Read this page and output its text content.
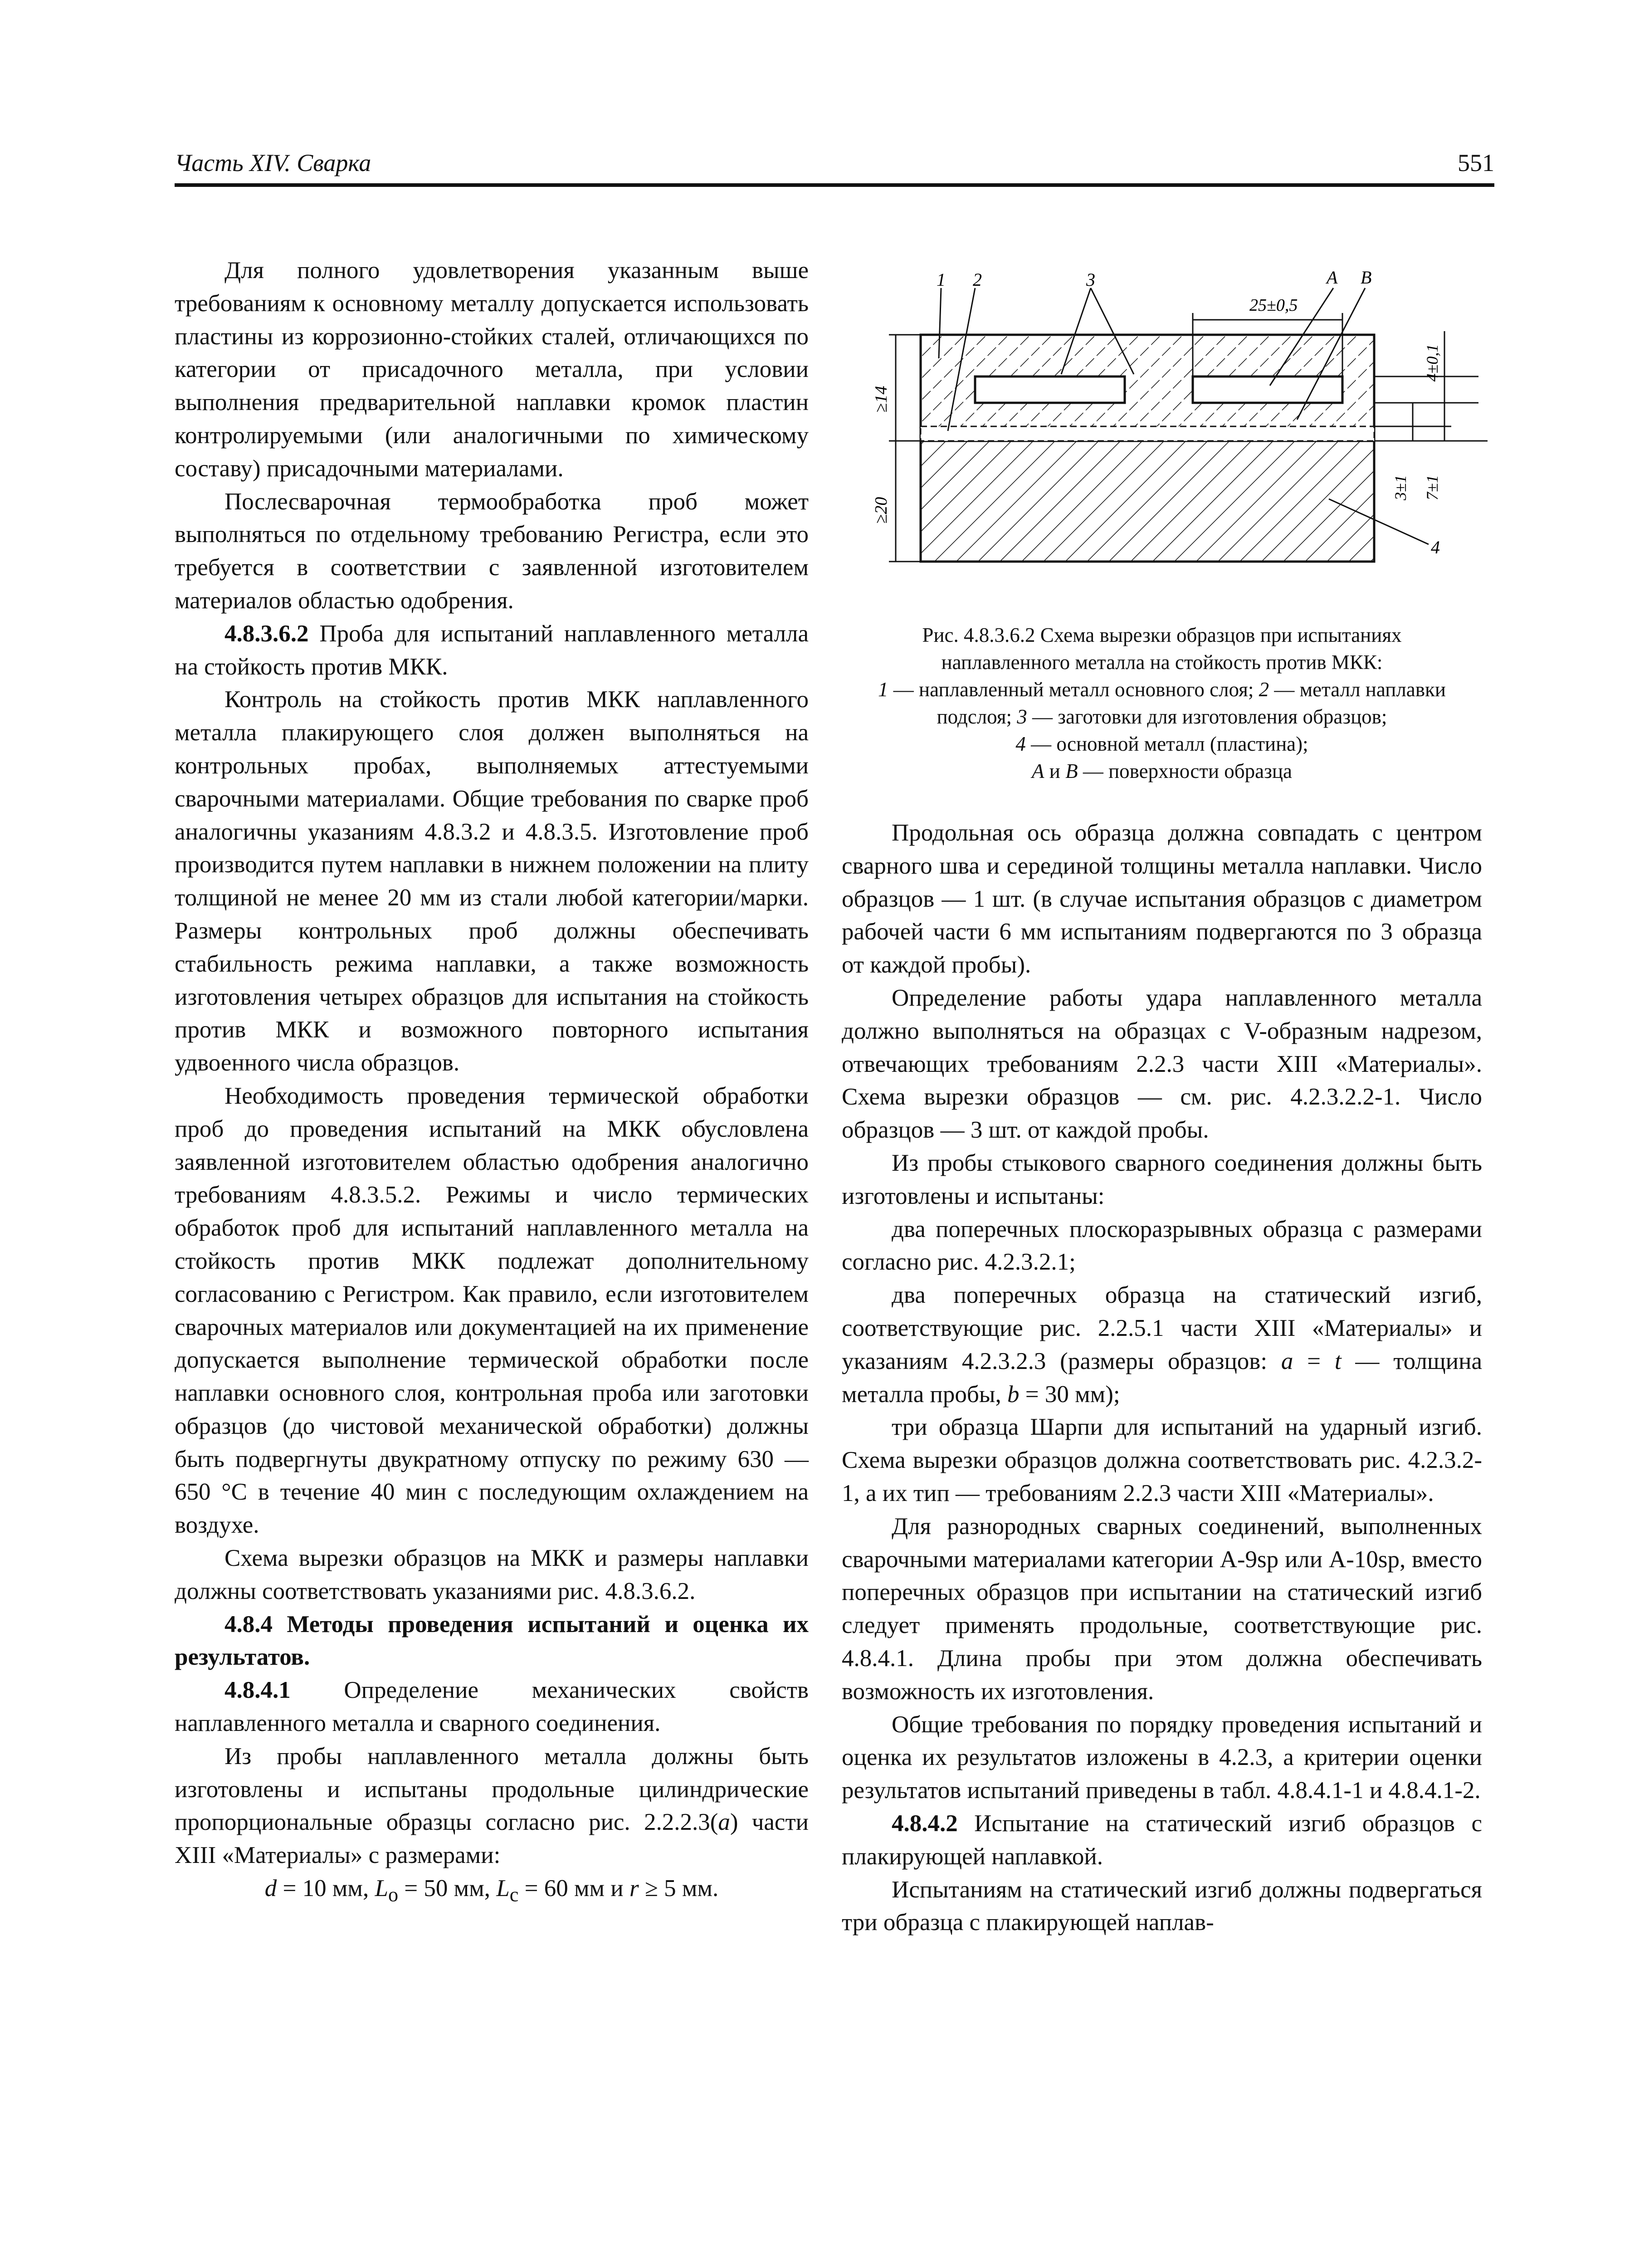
Часть XIV. Сварка	551

Для полного удовлетворения указанным выше требованиям к основному металлу допускается использовать пластины из коррозионно-стойких сталей, отличающихся по категории от присадочного металла, при условии выполнения предварительной наплавки кромок пластин контролируемыми (или аналогичными по химическому составу) присадочными материалами.

Послесварочная термообработка проб может выполняться по отдельному требованию Регистра, если это требуется в соответствии с заявленной изготовителем материалов областью одобрения.

4.8.3.6.2 Проба для испытаний наплавленного металла на стойкость против МКК.

Контроль на стойкость против МКК наплавленного металла плакирующего слоя должен выполняться на контрольных пробах, выполняемых аттестуемыми сварочными материалами. Общие требования по сварке проб аналогичны указаниям 4.8.3.2 и 4.8.3.5. Изготовление проб производится путем наплавки в нижнем положении на плиту толщиной не менее 20 мм из стали любой категории/марки. Размеры контрольных проб должны обеспечивать стабильность режима наплавки, а также возможность изготовления четырех образцов для испытания на стойкость против МКК и возможного повторного испытания удвоенного числа образцов.

Необходимость проведения термической обработки проб до проведения испытаний на МКК обусловлена заявленной изготовителем областью одобрения аналогично требованиям 4.8.3.5.2. Режимы и число термических обработок проб для испытаний наплавленного металла на стойкость против МКК подлежат дополнительному согласованию с Регистром. Как правило, если изготовителем сварочных материалов или документацией на их применение допускается выполнение термической обработки после наплавки основного слоя, контрольная проба или заготовки образцов (до чистовой механической обработки) должны быть подвергнуты двукратному отпуску по режиму 630 — 650 °С в течение 40 мин с последующим охлаждением на воздухе.

Схема вырезки образцов на МКК и размеры наплавки должны соответствовать указаниями рис. 4.8.3.6.2.

4.8.4 Методы проведения испытаний и оценка их результатов.

4.8.4.1 Определение механических свойств наплавленного металла и сварного соединения.

Из пробы наплавленного металла должны быть изготовлены и испытаны продольные цилиндрические пропорциональные образцы согласно рис. 2.2.2.3(а) части XIII «Материалы» с размерами:

d = 10 мм, $L_о = 50$ мм, $L_с = 60$ мм и r ≥ 5 мм.

≥14
≥20
25±0,5
1 2	3	A B
4
4±0,1
3±1 7±1
Рис. 4.8.3.6.2 Схема вырезки образцов при испытаниях
наплавленного металла на стойкость против МКК:
1 — наплавленный металл основного слоя; 2 — металл наплавки
подслоя; 3 — заготовки для изготовления образцов;
4 — основной металл (пластина);
A и B — поверхности образца

Продольная ось образца должна совпадать с центром сварного шва и серединой толщины металла наплавки. Число образцов — 1 шт. (в случае испытания образцов с диаметром рабочей части 6 мм испытаниям подвергаются по 3 образца от каждой пробы).

Определение работы удара наплавленного металла должно выполняться на образцах с V-образным надрезом, отвечающих требованиям 2.2.3 части XIII «Материалы». Схема вырезки образцов — см. рис. 4.2.3.2.2-1. Число образцов — 3 шт. от каждой пробы.

Из пробы стыкового сварного соединения должны быть изготовлены и испытаны:

два поперечных плоскоразрывных образца с размерами согласно рис. 4.2.3.2.1;

два поперечных образца на статический изгиб, соответствующие рис. 2.2.5.1 части XIII «Материалы» и указаниям 4.2.3.2.3 (размеры образцов: a = t — толщина металла пробы, b = 30 мм);

три образца Шарпи для испытаний на ударный изгиб. Схема вырезки образцов должна соответствовать рис. 4.2.3.2-1, а их тип — требованиям 2.2.3 части XIII «Материалы».

Для разнородных сварных соединений, выполненных сварочными материалами категории А-9sp или А-10sp, вместо поперечных образцов при испытании на статический изгиб следует применять продольные, соответствующие рис. 4.8.4.1. Длина пробы при этом должна обеспечивать возможность их изготовления.

Общие требования по порядку проведения испытаний и оценка их результатов изложены в 4.2.3, а критерии оценки результатов испытаний приведены в табл. 4.8.4.1-1 и 4.8.4.1-2.

4.8.4.2 Испытание на статический изгиб образцов с плакирующей наплавкой.

Испытаниям на статический изгиб должны подвергаться три образца с плакирующей наплав-
